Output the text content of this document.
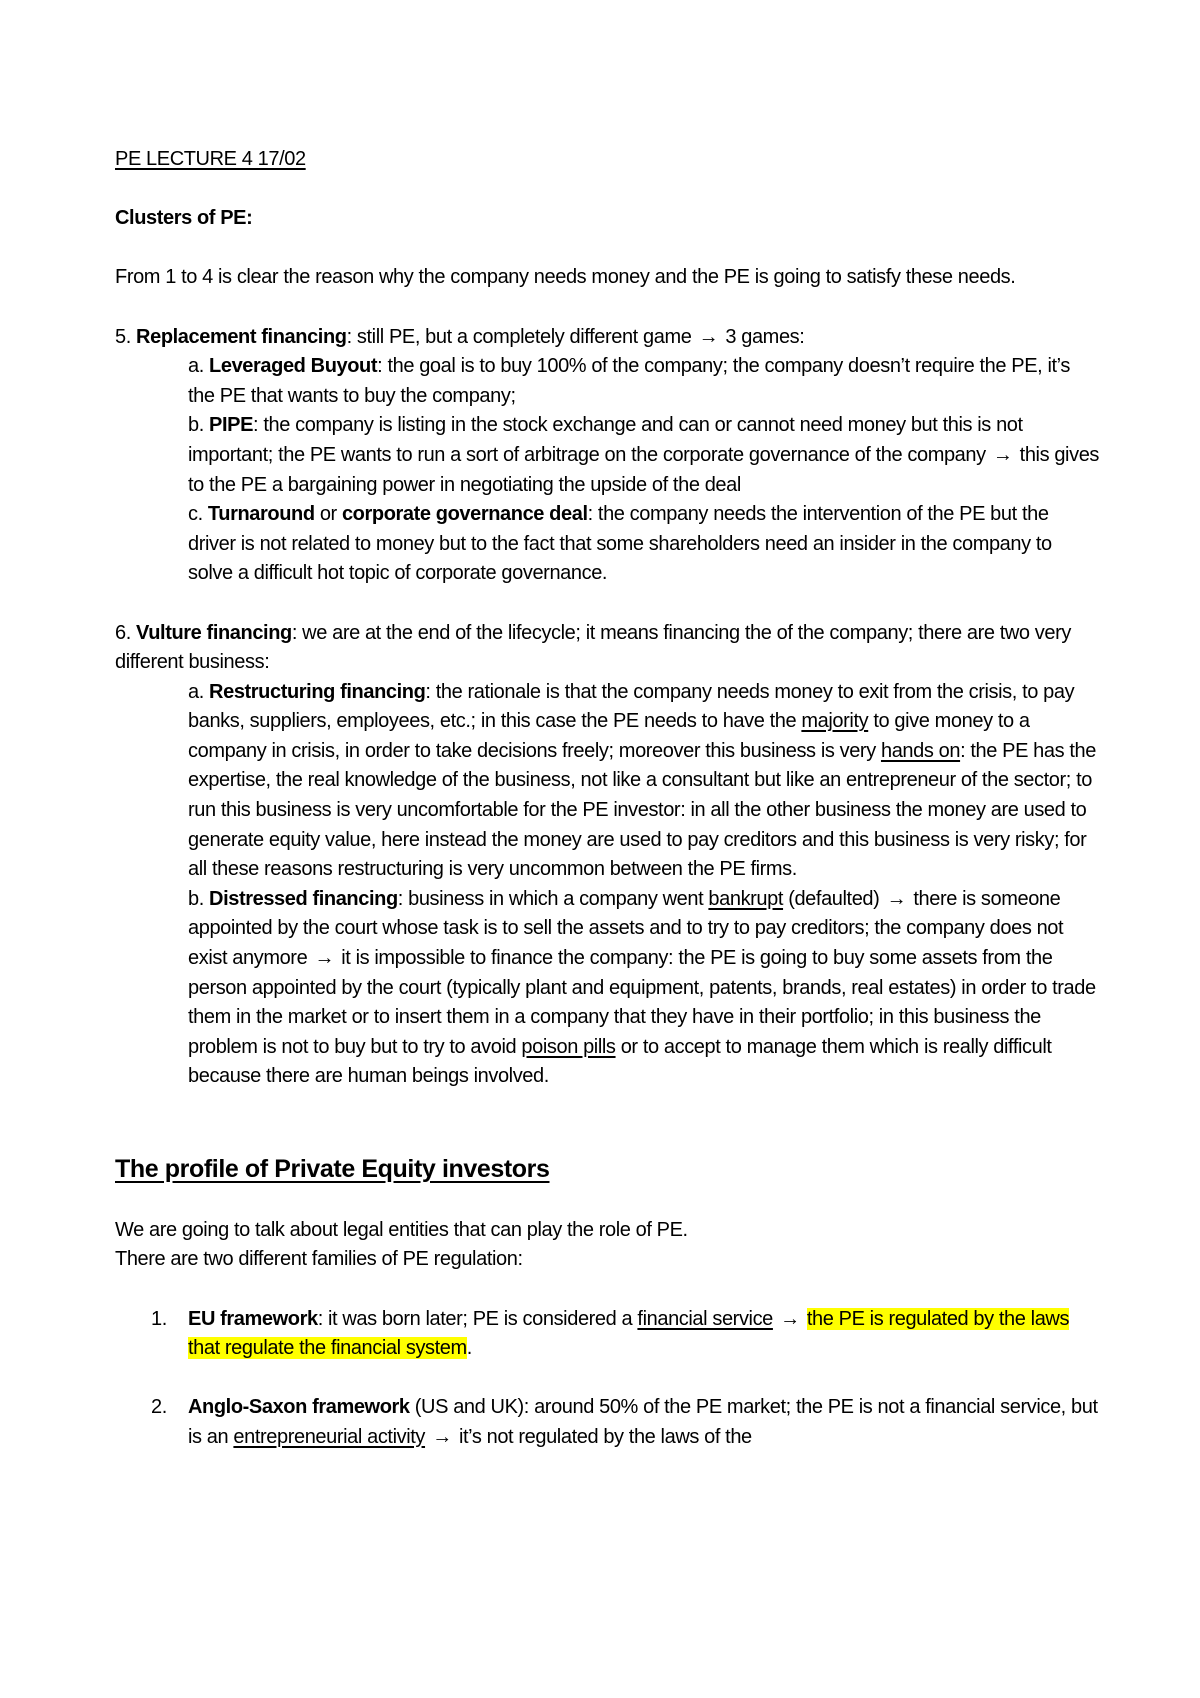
PE LECTURE 4 17/02

Clusters of PE:

From 1 to 4 is clear the reason why the company needs money and the PE is going to satisfy these needs.

5. Replacement financing: still PE, but a completely different game → 3 games:

a. Leveraged Buyout: the goal is to buy 100% of the company; the company doesn’t require the PE, it’s the PE that wants to buy the company;

b. PIPE: the company is listing in the stock exchange and can or cannot need money but this is not important; the PE wants to run a sort of arbitrage on the corporate governance of the company → this gives to the PE a bargaining power in negotiating the upside of the deal

c. Turnaround or corporate governance deal: the company needs the intervention of the PE but the driver is not related to money but to the fact that some shareholders need an insider in the company to solve a difficult hot topic of corporate governance.

6. Vulture financing: we are at the end of the lifecycle; it means financing the of the company; there are two very different business:

a. Restructuring financing: the rationale is that the company needs money to exit from the crisis, to pay banks, suppliers, employees, etc.; in this case the PE needs to have the majority to give money to a company in crisis, in order to take decisions freely; moreover this business is very hands on: the PE has the expertise, the real knowledge of the business, not like a consultant but like an entrepreneur of the sector; to run this business is very uncomfortable for the PE investor: in all the other business the money are used to generate equity value, here instead the money are used to pay creditors and this business is very risky; for all these reasons restructuring is very uncommon between the PE firms.

b. Distressed financing: business in which a company went bankrupt (defaulted) → there is someone appointed by the court whose task is to sell the assets and to try to pay creditors; the company does not exist anymore → it is impossible to finance the company: the PE is going to buy some assets from the person appointed by the court (typically plant and equipment, patents, brands, real estates) in order to trade them in the market or to insert them in a company that they have in their portfolio; in this business the problem is not to buy but to try to avoid poison pills or to accept to manage them which is really difficult because there are human beings involved.

The profile of Private Equity investors

We are going to talk about legal entities that can play the role of PE.

There are two different families of PE regulation:

1. EU framework: it was born later; PE is considered a financial service → the PE is regulated by the laws that regulate the financial system.

2. Anglo-Saxon framework (US and UK): around 50% of the PE market; the PE is not a financial service, but is an entrepreneurial activity → it’s not regulated by the laws of the
